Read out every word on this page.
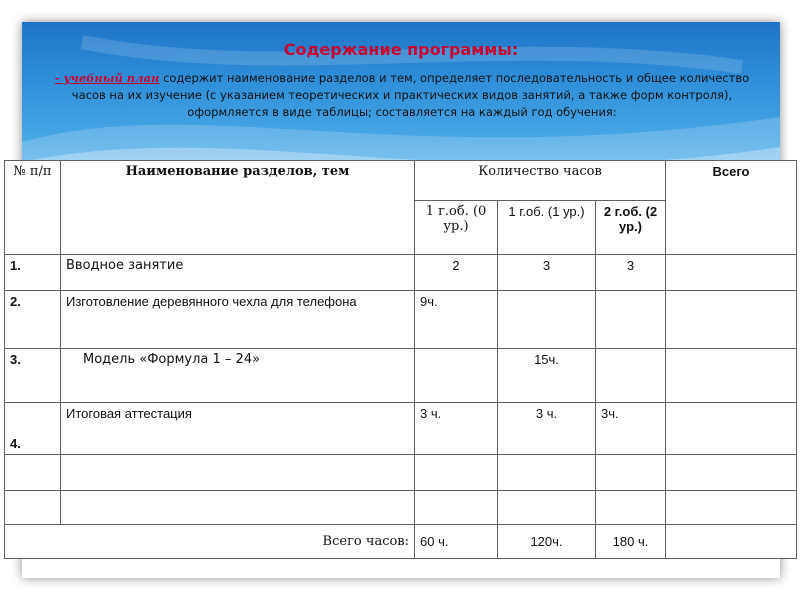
Содержание программы:
- учебный план содержит наименование разделов и тем, определяет последовательность и общее количество часов на их изучение (с указанием теоретических и практических видов занятий, а также форм контроля), оформляется в виде таблицы; составляется на каждый год обучения:
№ п/п	Наименование разделов, тем	Количество часов			Всего
		1 г.об. (0 ур.)	1 г.об. (1 ур.)	2 г.об. (2 ур.)	
1.	Вводное занятие	2	3	3	
2.	Изготовление деревянного чехла для телефона	9ч.			
3.	Модель «Формула 1 – 24»		15ч.		
4.	Итоговая аттестация	3 ч.	3 ч.	3ч.	

Всего часов:		60 ч.	120ч.	180 ч.	
